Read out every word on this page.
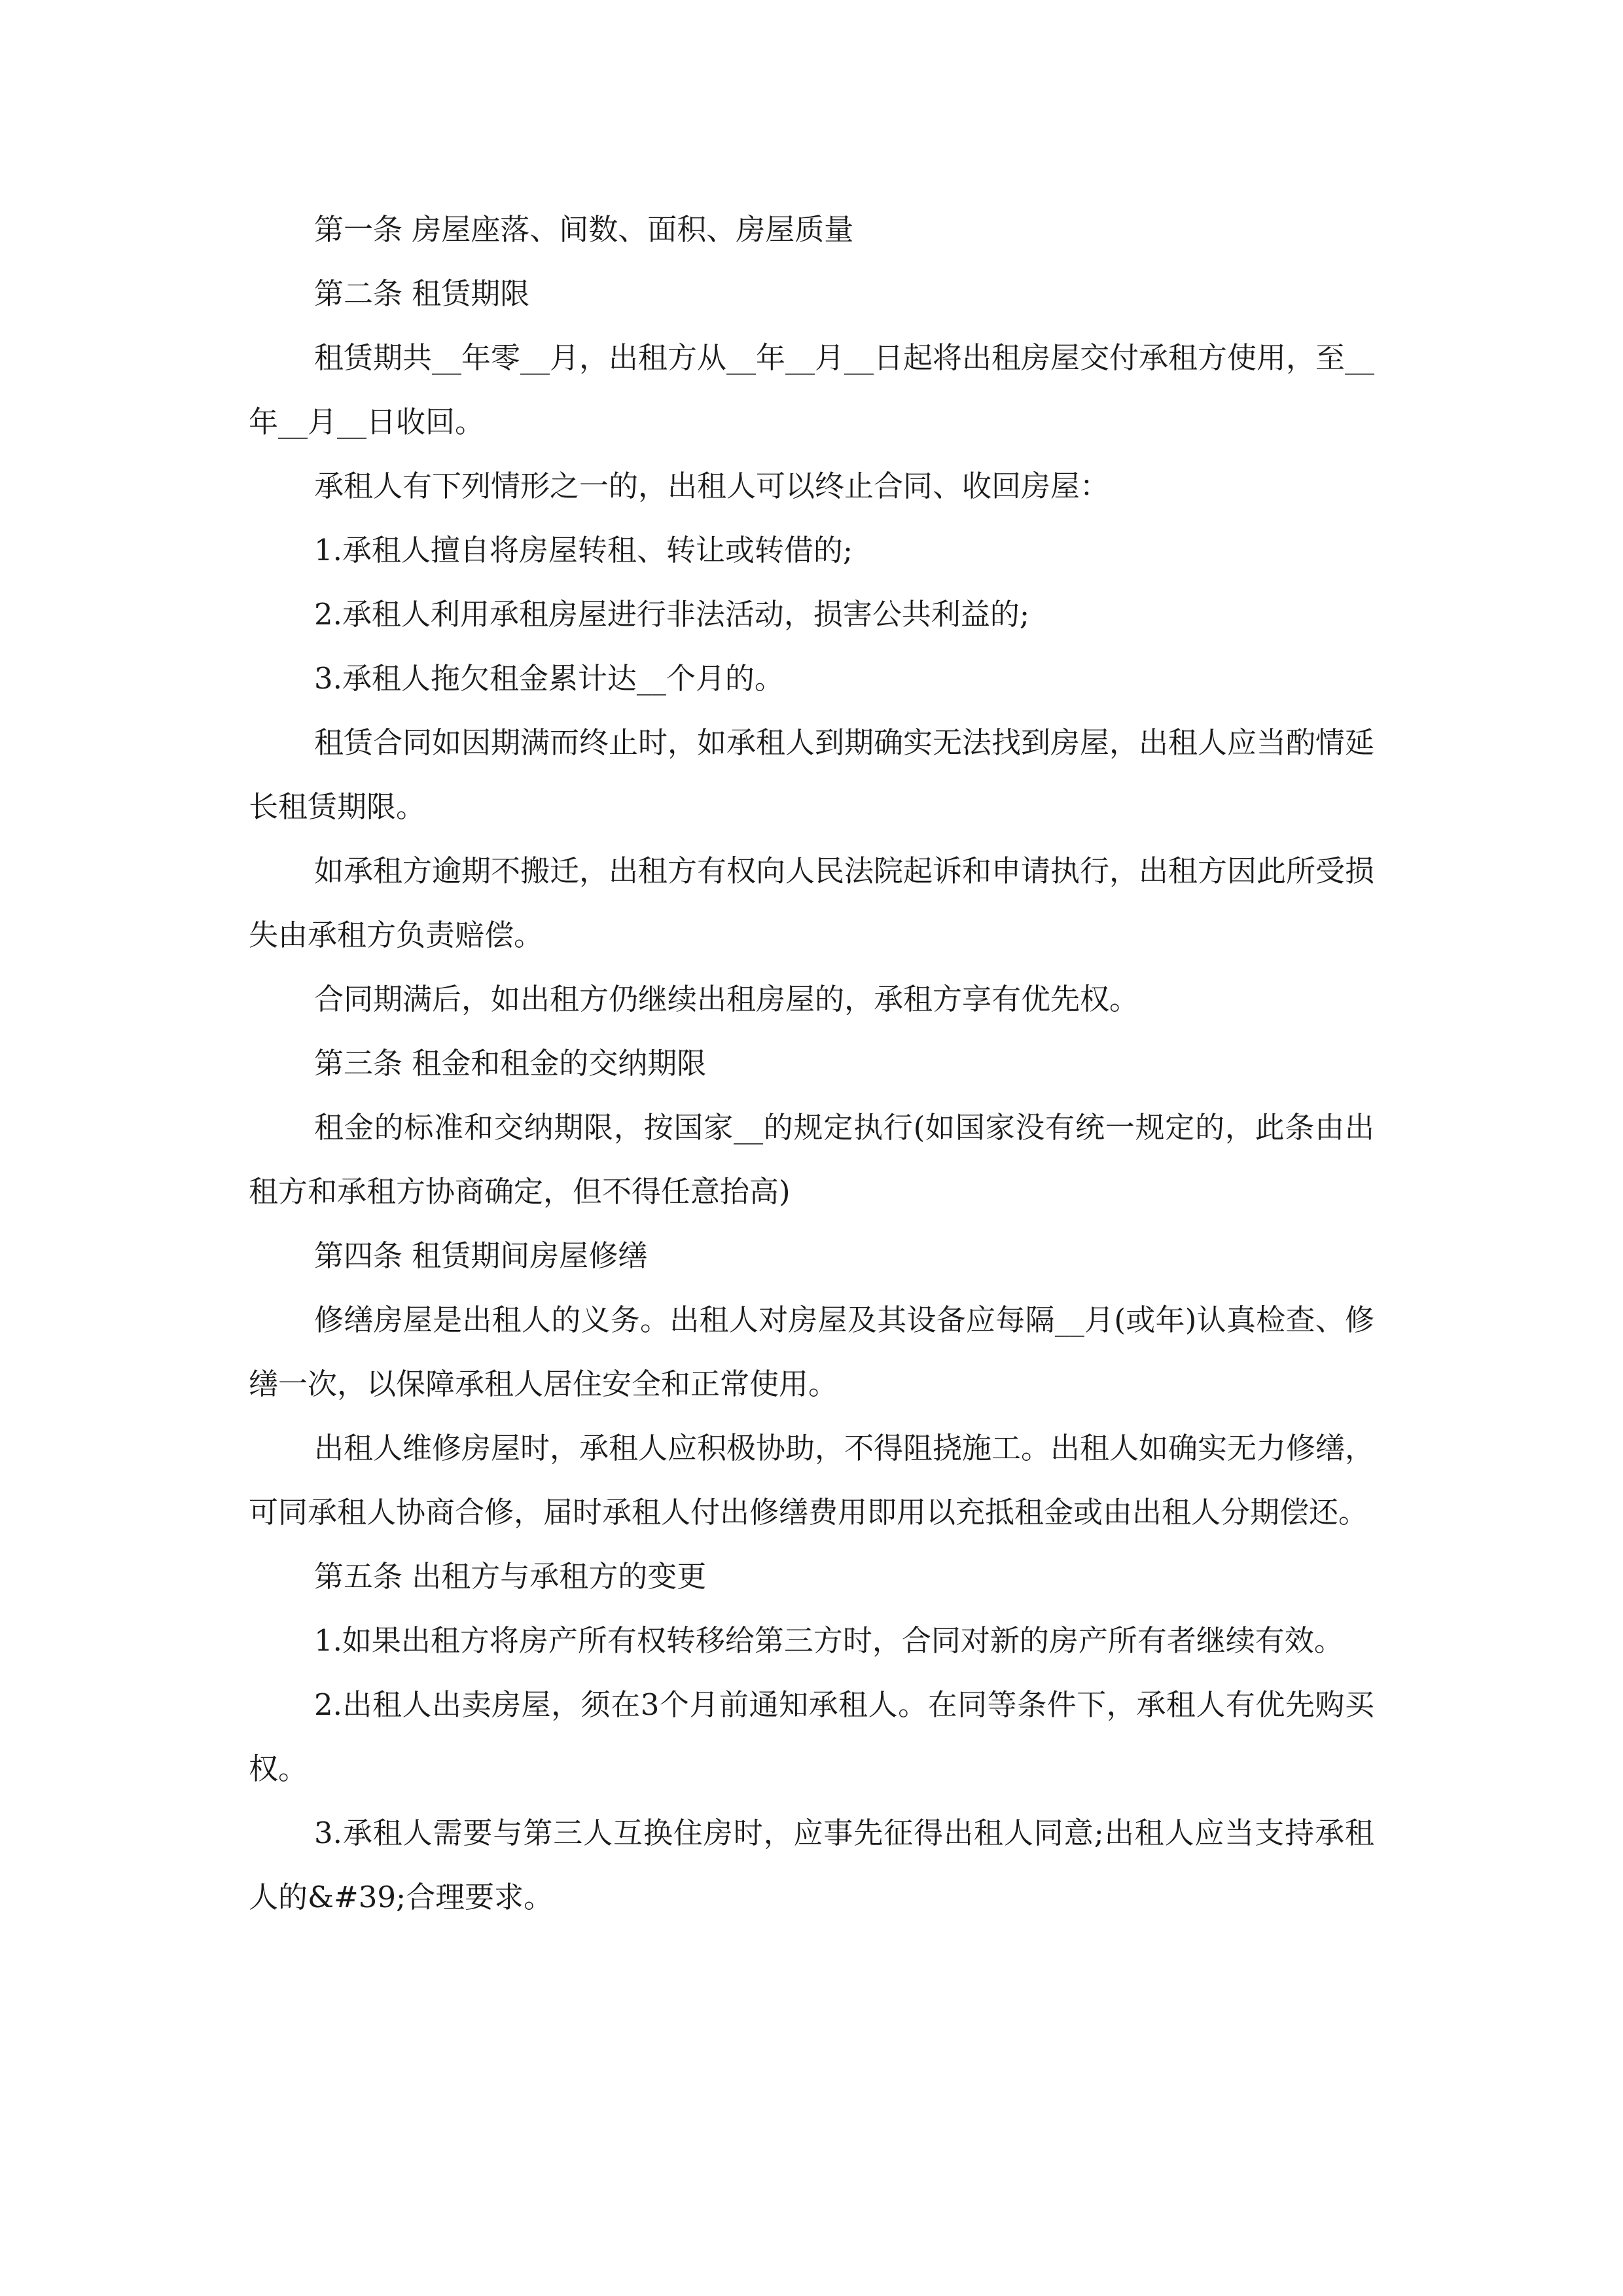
第一条 房屋座落、间数、面积、房屋质量

第二条 租赁期限

租赁期共__年零__月，出租方从__年__月__日起将出租房屋交付承租方使用，至__年__月__日收回。

承租人有下列情形之一的，出租人可以终止合同、收回房屋：

1.承租人擅自将房屋转租、转让或转借的;

2.承租人利用承租房屋进行非法活动，损害公共利益的;

3.承租人拖欠租金累计达__个月的。

租赁合同如因期满而终止时，如承租人到期确实无法找到房屋，出租人应当酌情延长租赁期限。

如承租方逾期不搬迁，出租方有权向人民法院起诉和申请执行，出租方因此所受损失由承租方负责赔偿。

合同期满后，如出租方仍继续出租房屋的，承租方享有优先权。

第三条 租金和租金的交纳期限

租金的标准和交纳期限，按国家__的规定执行(如国家没有统一规定的，此条由出租方和承租方协商确定，但不得任意抬高)

第四条 租赁期间房屋修缮

修缮房屋是出租人的义务。出租人对房屋及其设备应每隔__月(或年)认真检查、修缮一次，以保障承租人居住安全和正常使用。

出租人维修房屋时，承租人应积极协助，不得阻挠施工。出租人如确实无力修缮，可同承租人协商合修，届时承租人付出修缮费用即用以充抵租金或由出租人分期偿还。

第五条 出租方与承租方的变更

1.如果出租方将房产所有权转移给第三方时，合同对新的房产所有者继续有效。

2.出租人出卖房屋，须在3个月前通知承租人。在同等条件下，承租人有优先购买权。

3.承租人需要与第三人互换住房时，应事先征得出租人同意;出租人应当支持承租人的&#39;合理要求。
